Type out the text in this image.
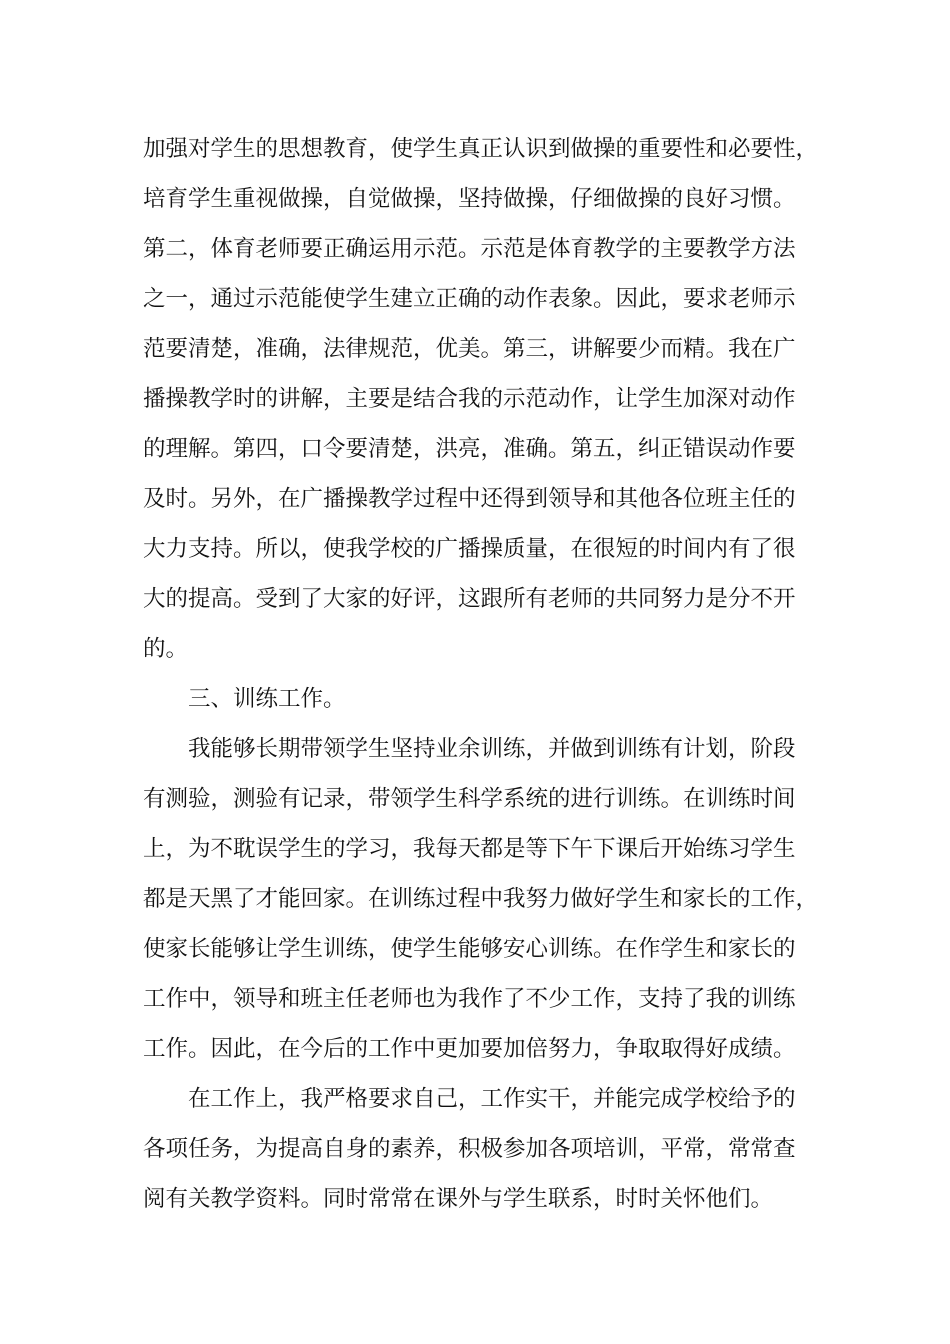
加强对学生的思想教育，使学生真正认识到做操的重要性和必要性，
培育学生重视做操，自觉做操，坚持做操，仔细做操的良好习惯。
第二，体育老师要正确运用示范。示范是体育教学的主要教学方法
之一，通过示范能使学生建立正确的动作表象。因此，要求老师示
范要清楚，准确，法律规范，优美。第三，讲解要少而精。我在广
播操教学时的讲解，主要是结合我的示范动作，让学生加深对动作
的理解。第四，口令要清楚，洪亮，准确。第五，纠正错误动作要
及时。另外，在广播操教学过程中还得到领导和其他各位班主任的
大力支持。所以，使我学校的广播操质量，在很短的时间内有了很
大的提高。受到了大家的好评，这跟所有老师的共同努力是分不开
的。
三、训练工作。
我能够长期带领学生坚持业余训练，并做到训练有计划，阶段
有测验，测验有记录，带领学生科学系统的进行训练。在训练时间
上，为不耽误学生的学习，我每天都是等下午下课后开始练习学生
都是天黑了才能回家。在训练过程中我努力做好学生和家长的工作，
使家长能够让学生训练，使学生能够安心训练。在作学生和家长的
工作中，领导和班主任老师也为我作了不少工作，支持了我的训练
工作。因此，在今后的工作中更加要加倍努力，争取取得好成绩。
在工作上，我严格要求自己，工作实干，并能完成学校给予的
各项任务，为提高自身的素养，积极参加各项培训，平常，常常查
阅有关教学资料。同时常常在课外与学生联系，时时关怀他们。
